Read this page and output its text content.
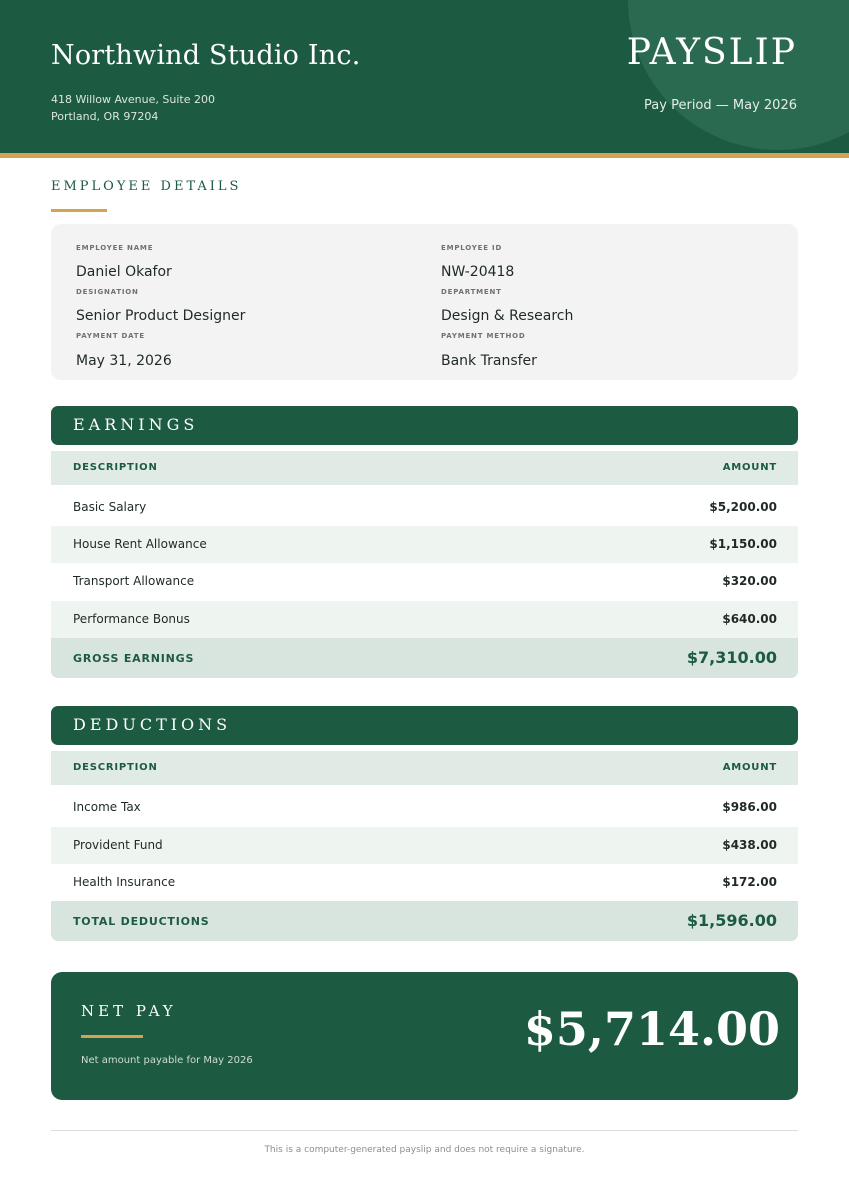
Northwind Studio Inc.
418 Willow Avenue, Suite 200
Portland, OR 97204
PAYSLIP
Pay Period — May 2026
EMPLOYEE DETAILS
EMPLOYEE NAME
Daniel Okafor
EMPLOYEE ID
NW-20418
DESIGNATION
Senior Product Designer
DEPARTMENT
Design & Research
PAYMENT DATE
May 31, 2026
PAYMENT METHOD
Bank Transfer
EARNINGS
DESCRIPTION	AMOUNT
Basic Salary	$5,200.00
House Rent Allowance	$1,150.00
Transport Allowance	$320.00
Performance Bonus	$640.00
GROSS EARNINGS	$7,310.00
DEDUCTIONS
DESCRIPTION	AMOUNT
Income Tax	$986.00
Provident Fund	$438.00
Health Insurance	$172.00
TOTAL DEDUCTIONS	$1,596.00
NET PAY
Net amount payable for May 2026
$5,714.00
This is a computer-generated payslip and does not require a signature.
